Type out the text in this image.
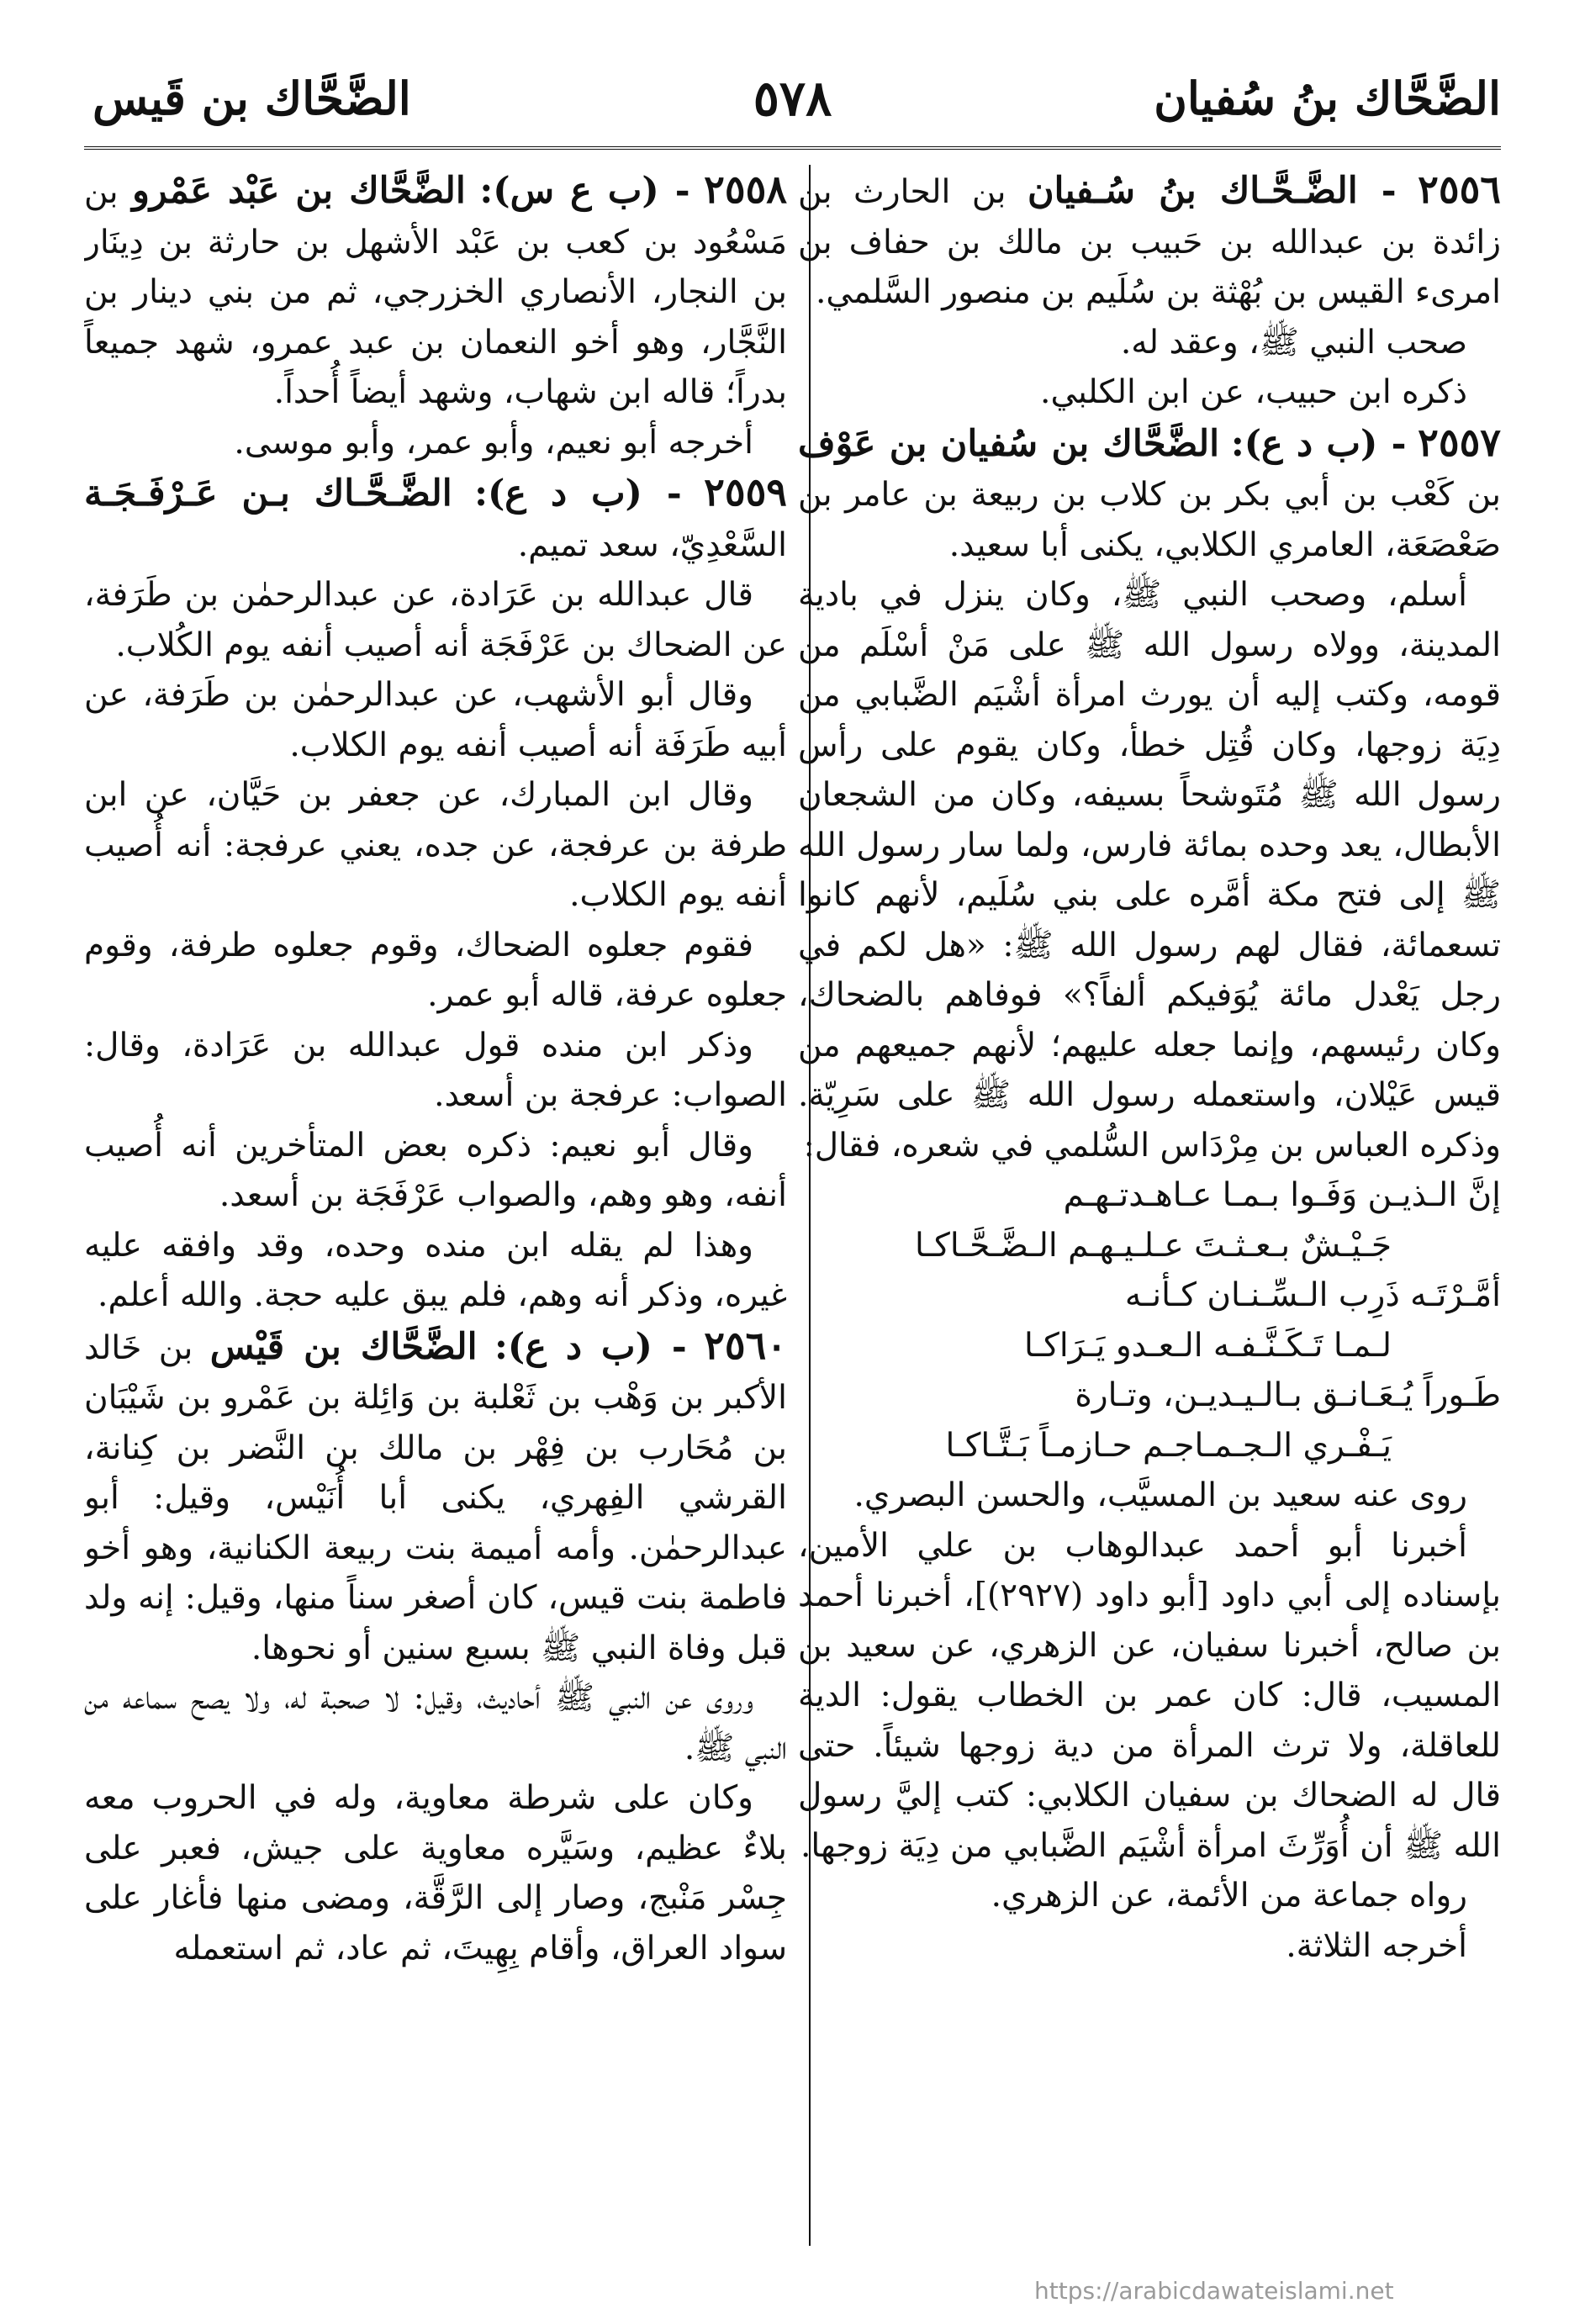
الضَّحَّاك بنُ سُفيان
٥٧٨
الضَّحَّاك بن قَيس

٢٥٥٦ - الضَّـحَّـاك بنُ سُـفيان بن الحارث بن زائدة بن عبدالله بن حَبيب بن مالك بن حفاف بن امرىء القيس بن بُهْثة بن سُلَيم بن منصور السَّلمي.

صحب النبي ﷺ، وعقد له.

ذكره ابن حبيب، عن ابن الكلبي.

٢٥٥٧ - (ب د ع): الضَّحَّاك بن سُفيان بن عَوْف بن كَعْب بن أبي بكر بن كلاب بن ربيعة بن عامر بن صَعْصَعَة، العامري الكلابي، يكنى أبا سعيد.

أسلم، وصحب النبي ﷺ، وكان ينزل في بادية المدينة، وولاه رسول الله ﷺ على مَنْ أسْلَم من قومه، وكتب إليه أن يورث امرأة أشْيَم الضَّبابي من دِيَة زوجها، وكان قُتِل خطأ، وكان يقوم على رأس رسول الله ﷺ مُتَوشحاً بسيفه، وكان من الشجعان الأبطال، يعد وحده بمائة فارس، ولما سار رسول الله ﷺ إلى فتح مكة أمَّره على بني سُلَيم، لأنهم كانوا تسعمائة، فقال لهم رسول الله ﷺ: «هل لكم في رجل يَعْدل مائة يُوَفيكم ألفاً؟» فوفاهم بالضحاك، وكان رئيسهم، وإنما جعله عليهم؛ لأنهم جميعهم من قيس عَيْلان، واستعمله رسول الله ﷺ على سَرِيّة. وذكره العباس بن مِرْدَاس السُّلمي في شعره، فقال:

إنَّ الـذيـن وَفَـوا بـمـا عـاهـدتـهـم
جَـيْـشٌ بـعـثـتَ عـلـيـهـم الـضَّـحَّـاكـا
أمَّـرْتَـه ذَرِب الـسِّـنـان كـأنـه
لـمـا تَـكَـنَّـفـه الـعـدو يَـرَاكـا
طَـوراً يُـعَـانـق بـالـيـديـن، وتـارة
يَـفْـري الـجـمـاجـم حـازمـاً بَـتَّـاكـا

روى عنه سعيد بن المسيَّب، والحسن البصري.

أخبرنا أبو أحمد عبدالوهاب بن علي الأمين، بإسناده إلى أبي داود [أبو داود (٢٩٢٧)]، أخبرنا أحمد بن صالح، أخبرنا سفيان، عن الزهري، عن سعيد بن المسيب، قال: كان عمر بن الخطاب يقول: الدية للعاقلة، ولا ترث المرأة من دية زوجها شيئاً. حتى قال له الضحاك بن سفيان الكلابي: كتب إليَّ رسول الله ﷺ أن أُوَرِّثَ امرأة أشْيَم الضَّبابي من دِيَة زوجها.

رواه جماعة من الأئمة، عن الزهري.

أخرجه الثلاثة.

٢٥٥٨ - (ب ع س): الضَّحَّاك بن عَبْد عَمْرو بن مَسْعُود بن كعب بن عَبْد الأشهل بن حارثة بن دِينَار بن النجار، الأنصاري الخزرجي، ثم من بني دينار بن النَّجَّار، وهو أخو النعمان بن عبد عمرو، شهد جميعاً بدراً؛ قاله ابن شهاب، وشهد أيضاً أُحداً.

أخرجه أبو نعيم، وأبو عمر، وأبو موسى.

٢٥٥٩ - (ب د ع): الضَّـحَّـاك بـن عَـرْفَـجَـة السَّعْدِيّ، سعد تميم.

قال عبدالله بن عَرَادة، عن عبدالرحمٰن بن طَرَفة، عن الضحاك بن عَرْفَجَة أنه أصيب أنفه يوم الكُلاب.

وقال أبو الأشهب، عن عبدالرحمٰن بن طَرَفة، عن أبيه طَرَفَة أنه أصيب أنفه يوم الكلاب.

وقال ابن المبارك، عن جعفر بن حَيَّان، عن ابن طرفة بن عرفجة، عن جده، يعني عرفجة: أنه أُصيب أنفه يوم الكلاب.

فقوم جعلوه الضحاك، وقوم جعلوه طرفة، وقوم جعلوه عرفة، قاله أبو عمر.

وذكر ابن منده قول عبدالله بن عَرَادة، وقال: الصواب: عرفجة بن أسعد.

وقال أبو نعيم: ذكره بعض المتأخرين أنه أُصيب أنفه، وهو وهم، والصواب عَرْفَجَة بن أسعد.

وهذا لم يقله ابن منده وحده، وقد وافقه عليه غيره، وذكر أنه وهم، فلم يبق عليه حجة. والله أعلم.

٢٥٦٠ - (ب د ع): الضَّحَّاك بن قَيْس بن خَالد الأكبر بن وَهْب بن ثَعْلبة بن وَائِلة بن عَمْرو بن شَيْبَان بن مُحَارب بن فِهْر بن مالك بن النَّضر بن كِنانة، القرشي الفِهري، يكنى أبا أُنَيْس، وقيل: أبو عبدالرحمٰن. وأمه أميمة بنت ربيعة الكنانية، وهو أخو فاطمة بنت قيس، كان أصغر سناً منها، وقيل: إنه ولد قبل وفاة النبي ﷺ بسبع سنين أو نحوها.

وروى عن النبي ﷺ أحاديث، وقيل: لا صحبة له، ولا يصح سماعه من النبي ﷺ.

وكان على شرطة معاوية، وله في الحروب معه بلاءٌ عظيم، وسَيَّره معاوية على جيش، فعبر على جِسْر مَنْبج، وصار إلى الرَّقَّة، ومضى منها فأغار على سواد العراق، وأقام بِهِيتَ، ثم عاد، ثم استعمله

https://arabicdawateislami.net
